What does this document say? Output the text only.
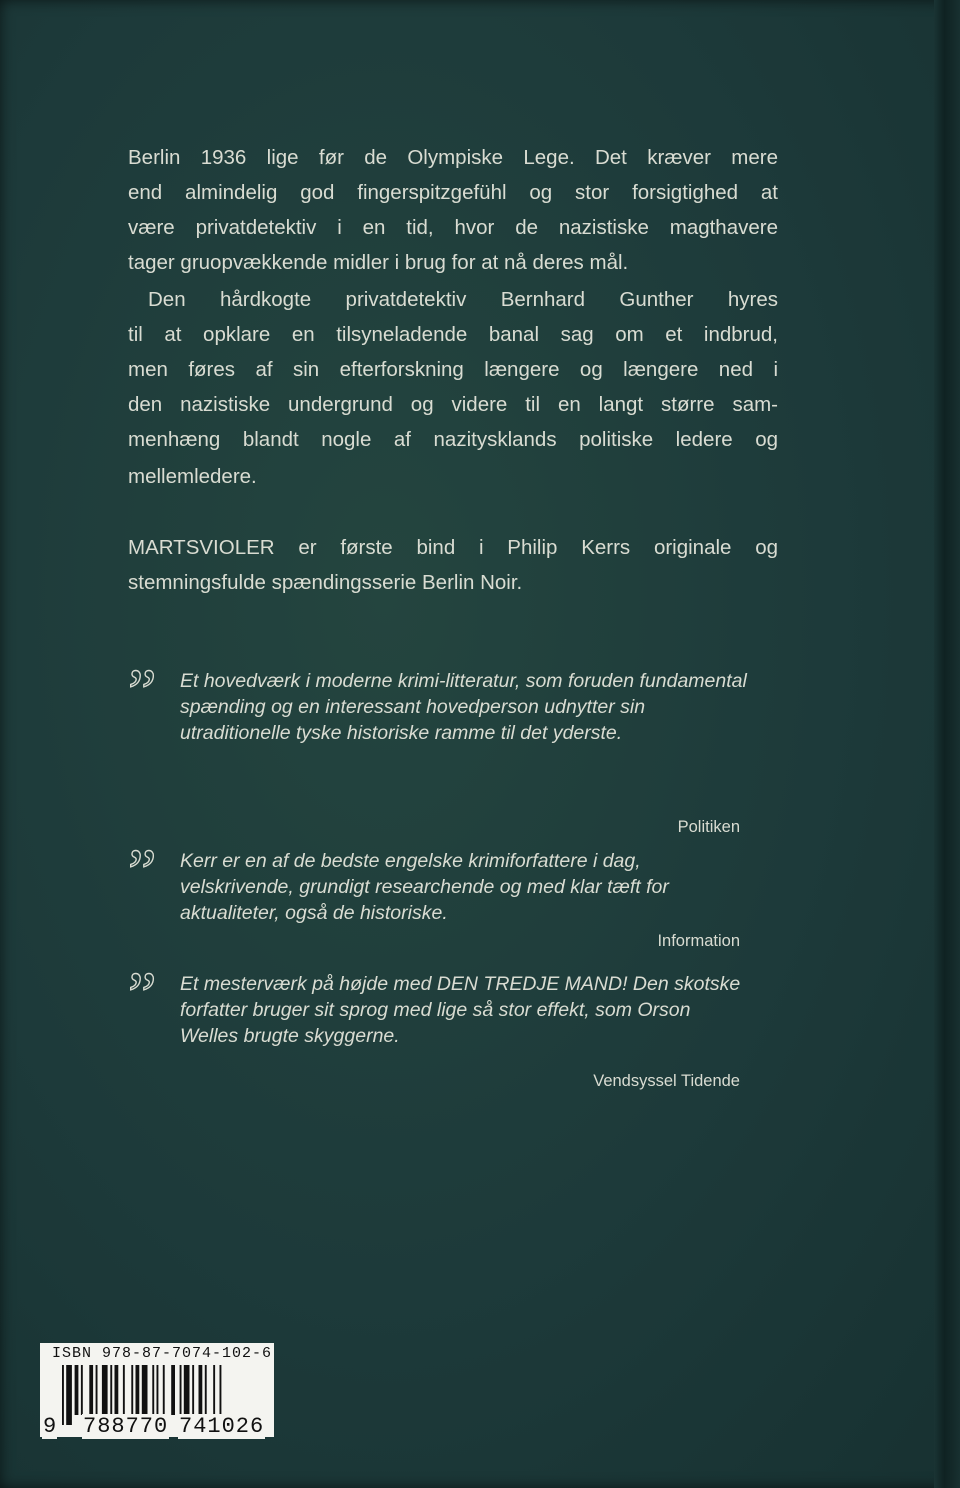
Berlin 1936 lige før de Olympiske Lege. Det kræver mere
end almindelig god fingerspitzgefühl og stor forsigtighed at
være privatdetektiv i en tid, hvor de nazistiske magthavere
tager gruopvækkende midler i brug for at nå deres mål.
Den hårdkogte privatdetektiv Bernhard Gunther hyres
til at opklare en tilsyneladende banal sag om et indbrud,
men føres af sin efterforskning længere og længere ned i
den nazistiske undergrund og videre til en langt større sam-
menhæng blandt nogle af nazitysklands politiske ledere og
mellemledere.
MARTSVIOLER er første bind i Philip Kerrs originale og
stemningsfulde spændingsserie Berlin Noir.
” Et hovedværk i moderne krimi-litteratur, som foruden fundamental spænding og en interessant hovedperson udnytter sin utraditionelle tyske historiske ramme til det yderste.
Politiken
” Kerr er en af de bedste engelske krimiforfattere i dag, velskrivende, grundigt researchende og med klar tæft for aktualiteter, også de historiske.
Information
” Et mesterværk på højde med DEN TREDJE MAND! Den skotske forfatter bruger sit sprog med lige så stor effekt, som Orson Welles brugte skyggerne.
Vendsyssel Tidende
ISBN 978-87-7074-102-6
9 788770 741026
